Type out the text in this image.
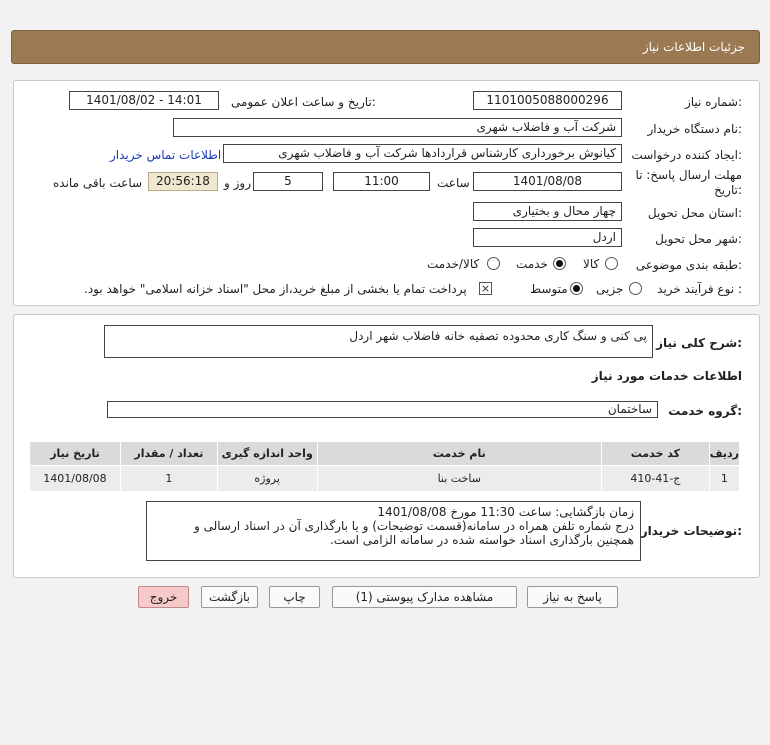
جزئیات اطلاعات نیاز
شماره نیاز:
1101005088000296
تاریخ و ساعت اعلان عمومی:
1401/08/02 - 14:01
نام دستگاه خریدار:
شرکت آب و فاضلاب شهری
ایجاد کننده درخواست:
کیانوش برخورداری کارشناس قراردادها شرکت آب و فاضلاب شهری
اطلاعات تماس خریدار
مهلت ارسال پاسخ: تا تاریخ:
1401/08/08
ساعت
11:00
5
روز و
20:56:18
ساعت باقی مانده
استان محل تحویل:
چهار محال و بختیاری
شهر محل تحویل:
اردل
طبقه بندی موضوعی:
کالا
خدمت
کالا/خدمت
نوع فرآیند خرید :
جزیی
متوسط
⨯
پرداخت تمام یا بخشی از مبلغ خرید،از محل "اسناد خزانه اسلامی" خواهد بود.
شرح کلی نیاز:
پی کنی و سنگ کاری محدوده تصفیه خانه فاضلاب شهر اردل
اطلاعات خدمات مورد نیاز
گروه خدمت:
ساختمان
ردیف	کد خدمت	نام خدمت	واحد اندازه گیری	تعداد / مقدار	تاریخ نیاز
1	ج-41-410	ساخت بنا	پروژه	1	1401/08/08
توضیحات خریدار:
زمان بازگشایی: ساعت 11:30 مورخ 1401/08/08
درج شماره تلفن همراه در سامانه(قسمت توضیحات) و یا بارگذاری آن در اسناد ارسالی و همچنین بارگذاری اسناد خواسته شده در سامانه الزامی است.
پاسخ به نیاز
مشاهده مدارک پیوستی (1)
چاپ
بازگشت
خروج
